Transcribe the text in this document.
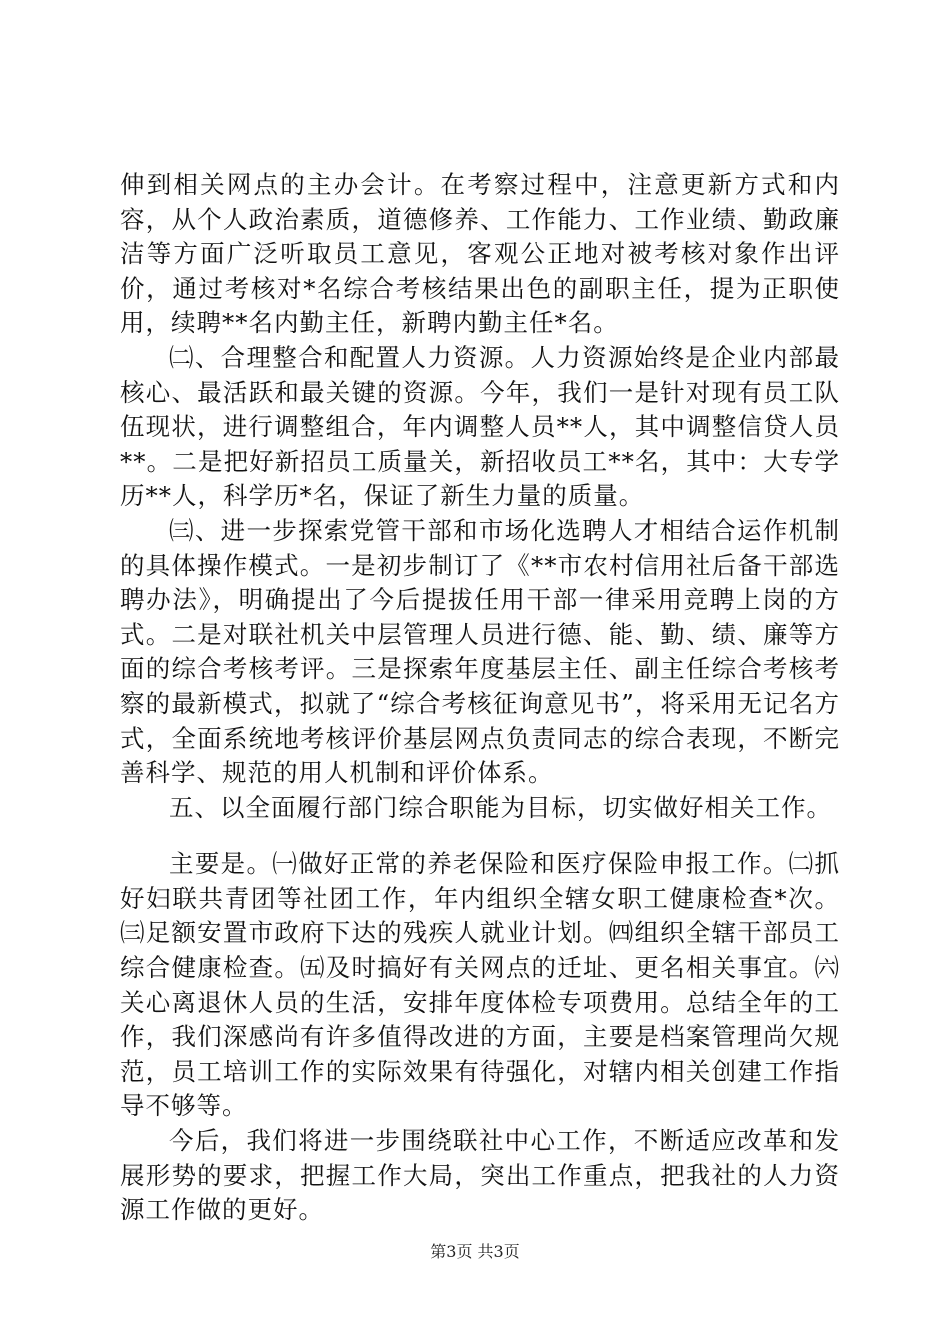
伸到相关网点的主办会计。在考察过程中，注意更新方式和内容，从个人政治素质，道德修养、工作能力、工作业绩、勤政廉洁等方面广泛听取员工意见，客观公正地对被考核对象作出评价，通过考核对*名综合考核结果出色的副职主任，提为正职使用，续聘**名内勤主任，新聘内勤主任*名。

㈡、合理整合和配置人力资源。人力资源始终是企业内部最核心、最活跃和最关键的资源。今年，我们一是针对现有员工队伍现状，进行调整组合，年内调整人员**人，其中调整信贷人员**。二是把好新招员工质量关，新招收员工**名，其中：大专学历**人，科学历*名，保证了新生力量的质量。

㈢、进一步探索党管干部和市场化选聘人才相结合运作机制的具体操作模式。一是初步制订了《**市农村信用社后备干部选聘办法》，明确提出了今后提拔任用干部一律采用竞聘上岗的方式。二是对联社机关中层管理人员进行德、能、勤、绩、廉等方面的综合考核考评。三是探索年度基层主任、副主任综合考核考察的最新模式，拟就了“综合考核征询意见书”，将采用无记名方式，全面系统地考核评价基层网点负责同志的综合表现，不断完善科学、规范的用人机制和评价体系。

五、以全面履行部门综合职能为目标，切实做好相关工作。

主要是。㈠做好正常的养老保险和医疗保险申报工作。㈡抓好妇联共青团等社团工作，年内组织全辖女职工健康检查*次。㈢足额安置市政府下达的残疾人就业计划。㈣组织全辖干部员工综合健康检查。㈤及时搞好有关网点的迁址、更名相关事宜。㈥关心离退休人员的生活，安排年度体检专项费用。总结全年的工作，我们深感尚有许多值得改进的方面，主要是档案管理尚欠规范，员工培训工作的实际效果有待强化，对辖内相关创建工作指导不够等。

今后，我们将进一步围绕联社中心工作，不断适应改革和发展形势的要求，把握工作大局，突出工作重点，把我社的人力资源工作做的更好。

第3页 共3页
